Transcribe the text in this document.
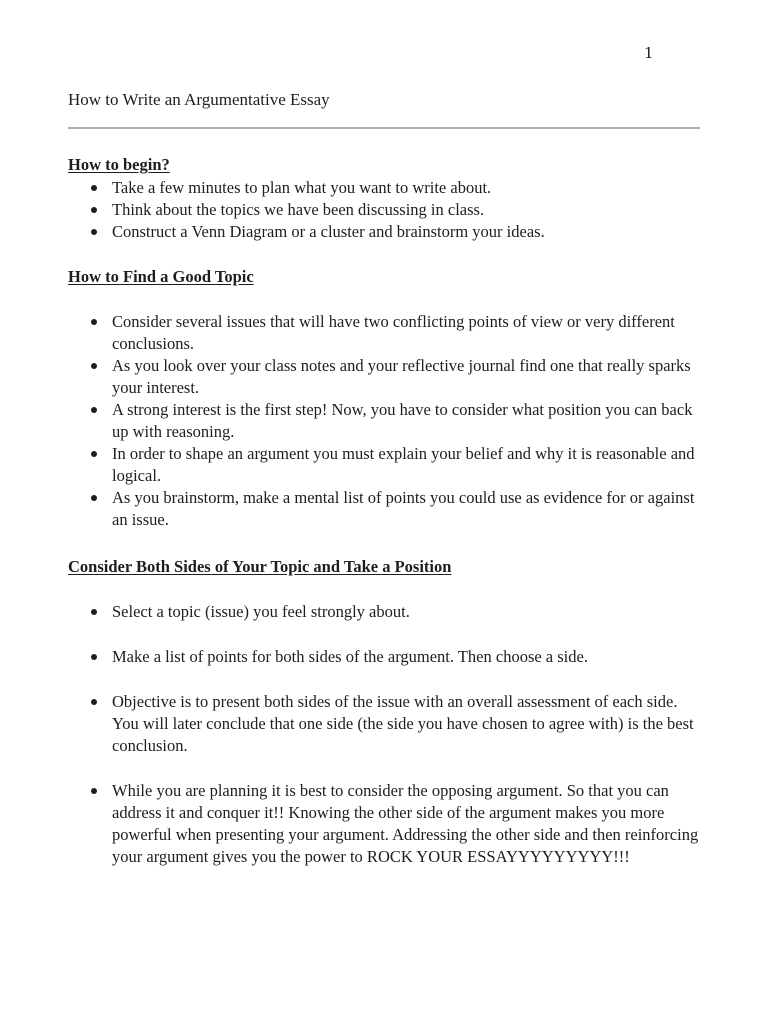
1
How to Write an Argumentative Essay
How to begin?
Take a few minutes to plan what you want to write about.
Think about the topics we have been discussing in class.
Construct a Venn Diagram or a cluster and brainstorm your ideas.
How to Find a Good Topic
Consider several issues that will have two conflicting points of view or very different conclusions.
As you look over your class notes and your reflective journal find one that really sparks your interest.
A strong interest is the first step! Now, you have to consider what position you can back up with reasoning.
In order to shape an argument you must explain your belief and why it is reasonable and logical.
As you brainstorm, make a mental list of points you could use as evidence for or against an issue.
Consider Both Sides of Your Topic and Take a Position
Select a topic (issue) you feel strongly about.
Make a list of points for both sides of the argument. Then choose a side.
Objective is to present both sides of the issue with an overall assessment of each side. You will later conclude that one side (the side you have chosen to agree with) is the best conclusion.
While you are planning it is best to consider the opposing argument. So that you can address it and conquer it!! Knowing the other side of the argument makes you more powerful when presenting your argument. Addressing the other side and then reinforcing your argument gives you the power to ROCK YOUR ESSAYYYYYYYYY!!!
